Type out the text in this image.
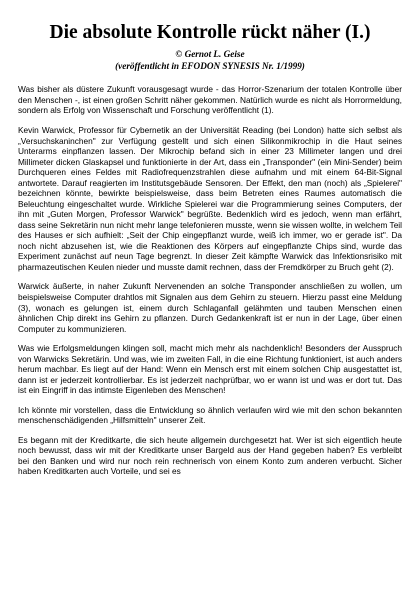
Die absolute Kontrolle rückt näher (I.)
© Gernot L. Geise
(veröffentlicht in EFODON SYNESIS Nr. 1/1999)

Was bisher als düstere Zukunft vorausgesagt wurde - das Horror-Szenarium der totalen Kontrolle über den Menschen -, ist einen großen Schritt näher gekommen. Natürlich wurde es nicht als Horrormeldung, sondern als Erfolg von Wissenschaft und Forschung veröffentlicht (1).

Kevin Warwick, Professor für Cybernetik an der Universität Reading (bei London) hatte sich selbst als „Versuchskaninchen" zur Verfügung gestellt und sich einen Silikonmikrochip in die Haut seines Unterarms einpflanzen lassen. Der Mikrochip befand sich in einer 23 Millimeter langen und drei Millimeter dicken Glaskapsel und funktionierte in der Art, dass ein „Transponder" (ein Mini-Sender) beim Durchqueren eines Feldes mit Radiofrequenzstrahlen diese aufnahm und mit einem 64-Bit-Signal antwortete. Darauf reagierten im Institutsgebäude Sensoren. Der Effekt, den man (noch) als „Spielerei" bezeichnen könnte, bewirkte beispielsweise, dass beim Betreten eines Raumes automatisch die Beleuchtung eingeschaltet wurde. Wirkliche Spielerei war die Programmierung seines Computers, der ihn mit „Guten Morgen, Professor Warwick" begrüßte. Bedenklich wird es jedoch, wenn man erfährt, dass seine Sekretärin nun nicht mehr lange telefonieren musste, wenn sie wissen wollte, in welchem Teil des Hauses er sich aufhielt: „Seit der Chip eingepflanzt wurde, weiß ich immer, wo er gerade ist". Da noch nicht abzusehen ist, wie die Reaktionen des Körpers auf eingepflanzte Chips sind, wurde das Experiment zunächst auf neun Tage begrenzt. In dieser Zeit kämpfte Warwick das Infektionsrisiko mit pharmazeutischen Keulen nieder und musste damit rechnen, dass der Fremdkörper zu Bruch geht (2).

Warwick äußerte, in naher Zukunft Nervenenden an solche Transponder anschließen zu wollen, um beispielsweise Computer drahtlos mit Signalen aus dem Gehirn zu steuern. Hierzu passt eine Meldung (3), wonach es gelungen ist, einem durch Schlaganfall gelähmten und tauben Menschen einen ähnlichen Chip direkt ins Gehirn zu pflanzen. Durch Gedankenkraft ist er nun in der Lage, über einen Computer zu kommunizieren.

Was wie Erfolgsmeldungen klingen soll, macht mich mehr als nachdenklich! Besonders der Ausspruch von Warwicks Sekretärin. Und was, wie im zweiten Fall, in die eine Richtung funktioniert, ist auch anders herum machbar. Es liegt auf der Hand: Wenn ein Mensch erst mit einem solchen Chip ausgestattet ist, dann ist er jederzeit kontrollierbar. Es ist jederzeit nachprüfbar, wo er wann ist und was er dort tut. Das ist ein Eingriff in das intimste Eigenleben des Menschen!

Ich könnte mir vorstellen, dass die Entwicklung so ähnlich verlaufen wird wie mit den schon bekannten menschenschädigenden „Hilfsmitteln" unserer Zeit.

Es begann mit der Kreditkarte, die sich heute allgemein durchgesetzt hat. Wer ist sich eigentlich heute noch bewusst, dass wir mit der Kreditkarte unser Bargeld aus der Hand gegeben haben? Es verbleibt bei den Banken und wird nur noch rein rechnerisch von einem Konto zum anderen verbucht. Sicher haben Kreditkarten auch Vorteile, und sei es
